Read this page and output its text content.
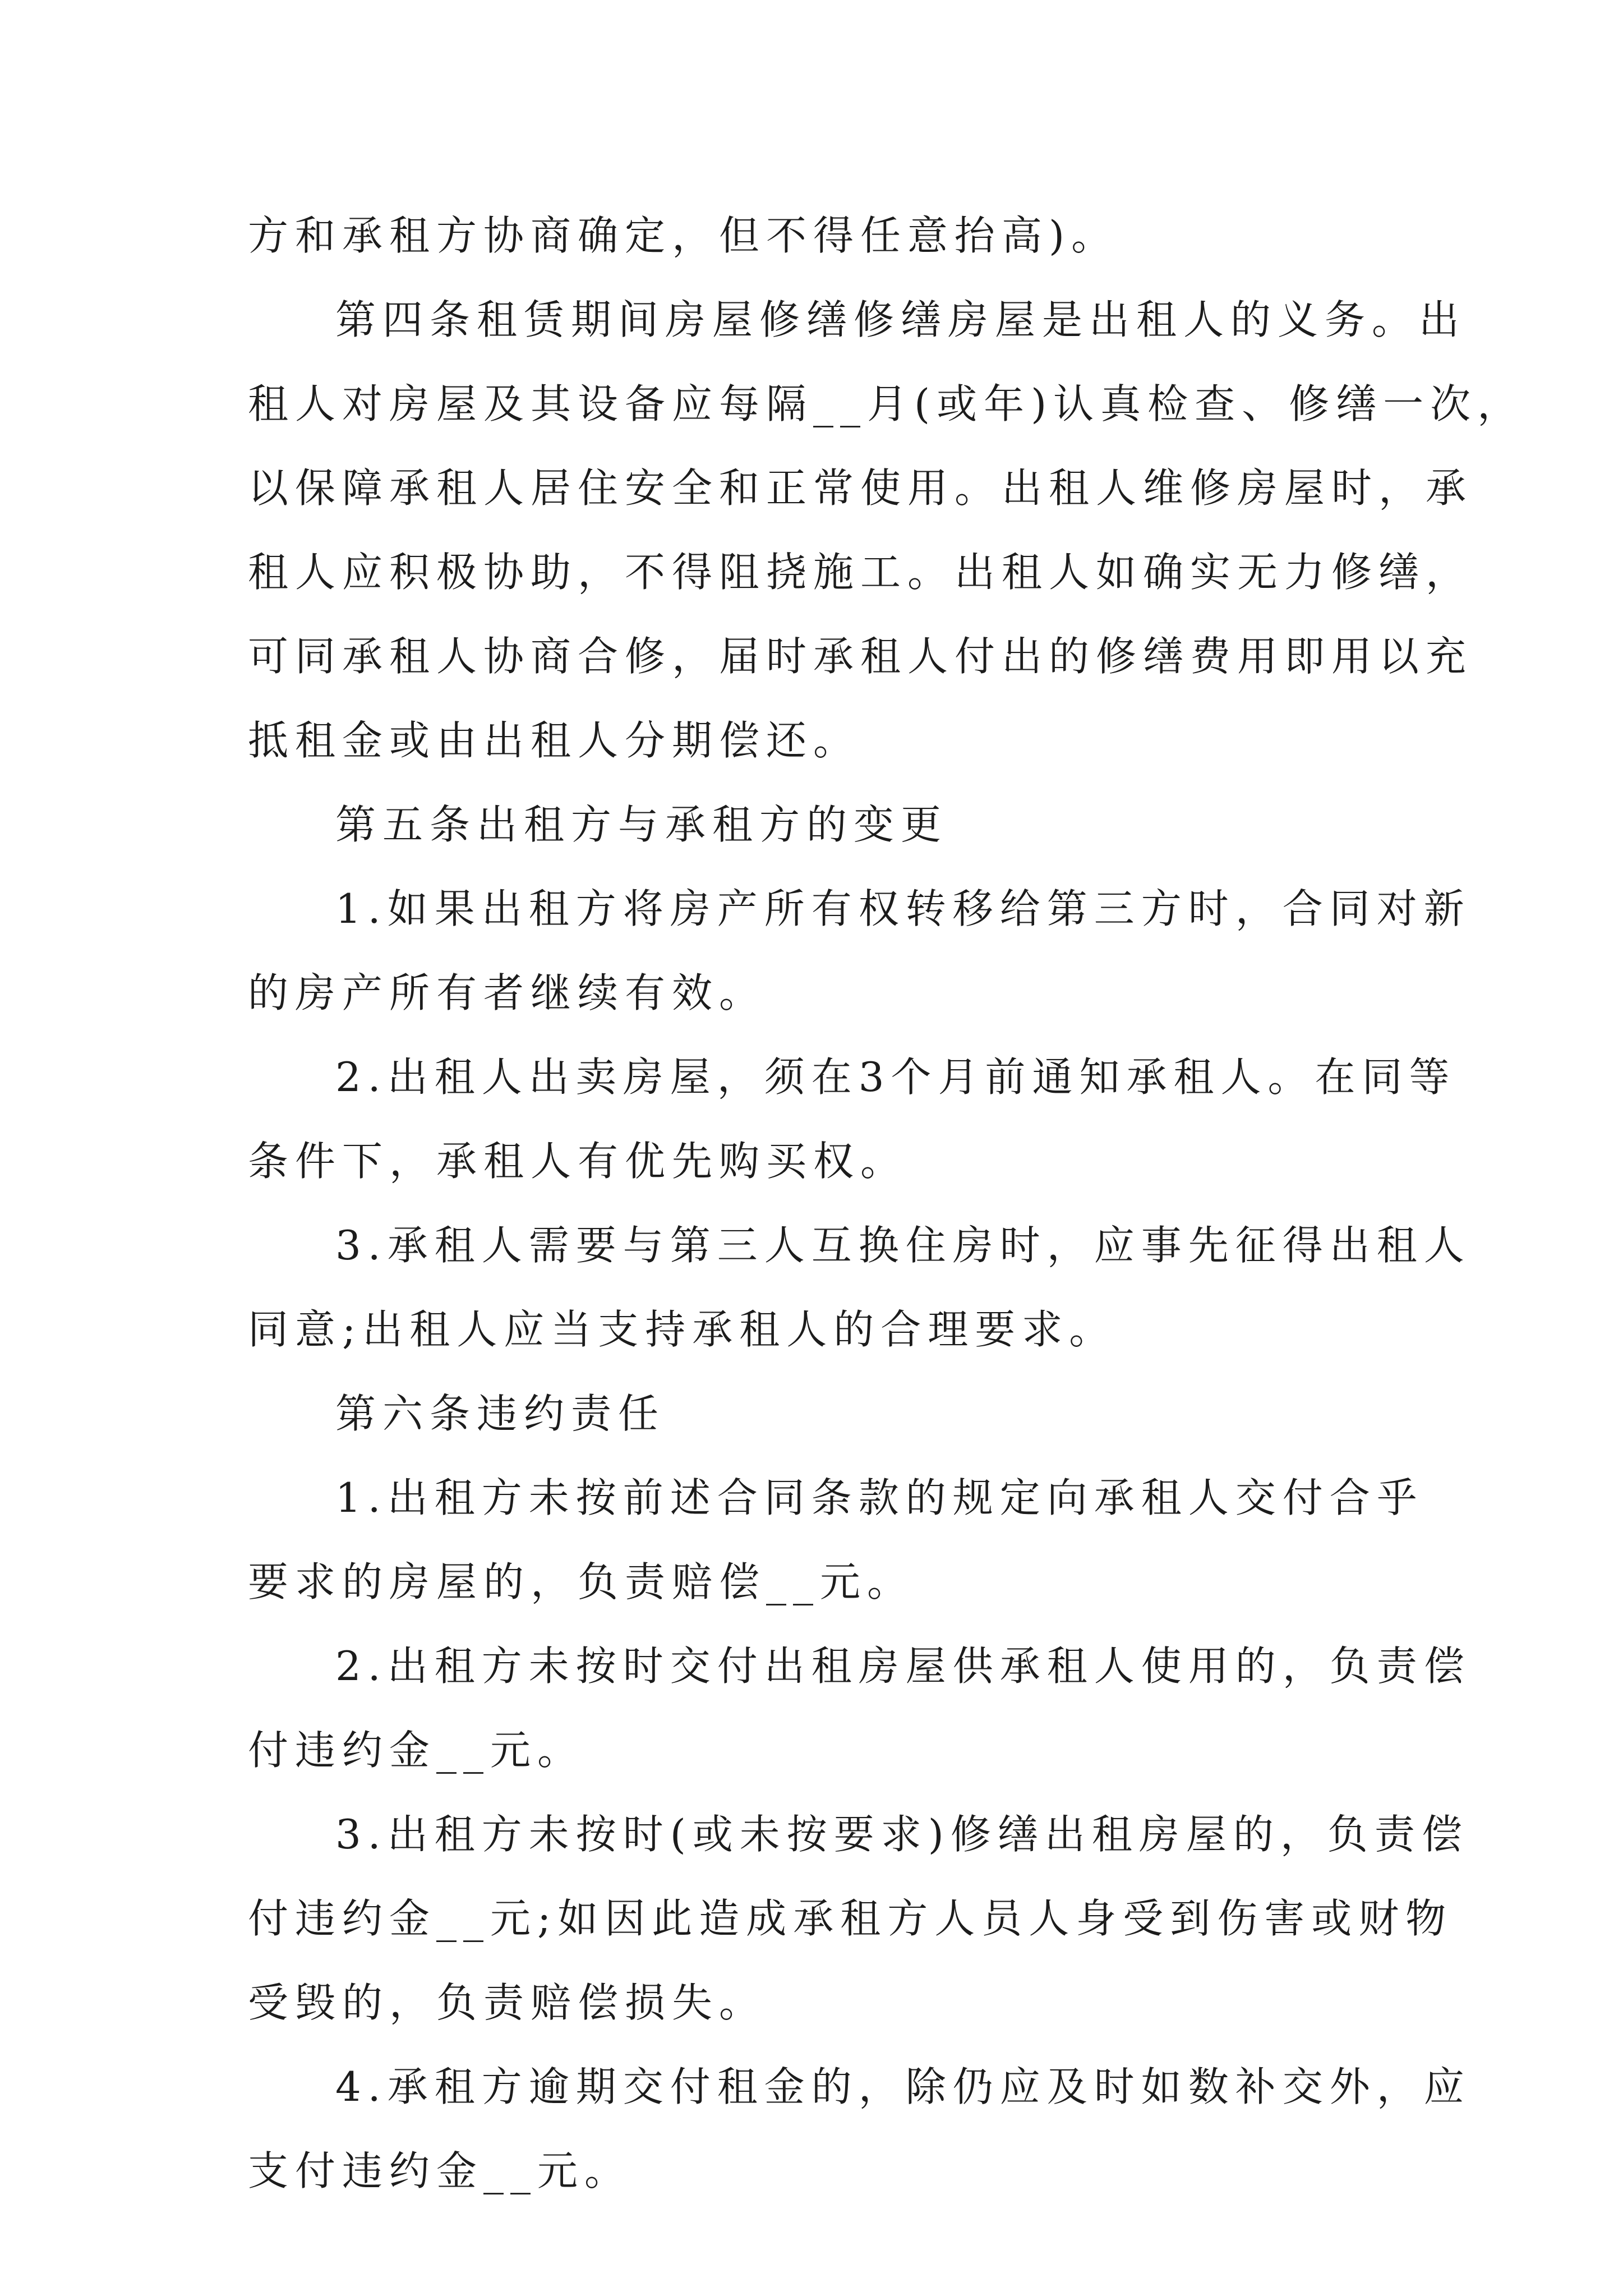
方和承租方协商确定，但不得任意抬高)。
第四条租赁期间房屋修缮修缮房屋是出租人的义务。出
租人对房屋及其设备应每隔__月(或年)认真检查、修缮一次，
以保障承租人居住安全和正常使用。出租人维修房屋时，承
租人应积极协助，不得阻挠施工。出租人如确实无力修缮，
可同承租人协商合修，届时承租人付出的修缮费用即用以充
抵租金或由出租人分期偿还。
第五条出租方与承租方的变更
1.如果出租方将房产所有权转移给第三方时，合同对新
的房产所有者继续有效。
2.出租人出卖房屋，须在3个月前通知承租人。在同等
条件下，承租人有优先购买权。
3.承租人需要与第三人互换住房时，应事先征得出租人
同意;出租人应当支持承租人的合理要求。
第六条违约责任
1.出租方未按前述合同条款的规定向承租人交付合乎
要求的房屋的，负责赔偿__元。
2.出租方未按时交付出租房屋供承租人使用的，负责偿
付违约金__元。
3.出租方未按时(或未按要求)修缮出租房屋的，负责偿
付违约金__元;如因此造成承租方人员人身受到伤害或财物
受毁的，负责赔偿损失。
4.承租方逾期交付租金的，除仍应及时如数补交外，应
支付违约金__元。
